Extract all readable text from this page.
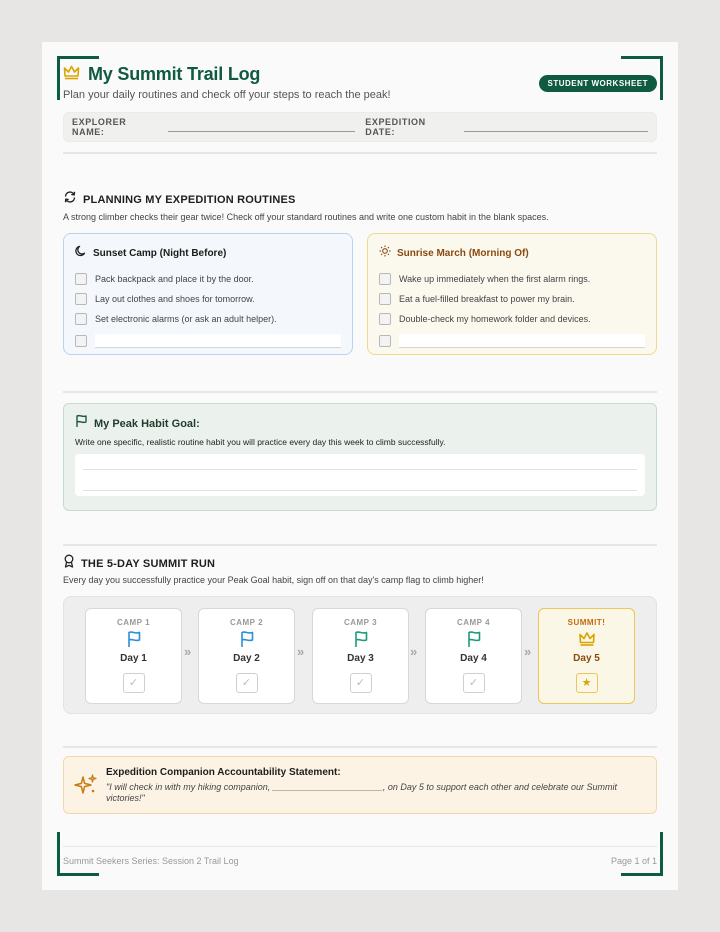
My Summit Trail Log
Plan your daily routines and check off your steps to reach the peak!
STUDENT WORKSHEET
EXPLORER NAME:
EXPEDITION DATE:
PLANNING MY EXPEDITION ROUTINES
A strong climber checks their gear twice! Check off your standard routines and write one custom habit in the blank spaces.
Sunset Camp (Night Before)
Pack backpack and place it by the door.
Lay out clothes and shoes for tomorrow.
Set electronic alarms (or ask an adult helper).
Sunrise March (Morning Of)
Wake up immediately when the first alarm rings.
Eat a fuel-filled breakfast to power my brain.
Double-check my homework folder and devices.
My Peak Habit Goal:
Write one specific, realistic routine habit you will practice every day this week to climb successfully.
THE 5-DAY SUMMIT RUN
Every day you successfully practice your Peak Goal habit, sign off on that day's camp flag to climb higher!
CAMP 1
Day 1
✓
»
CAMP 2
Day 2
✓
»
CAMP 3
Day 3
✓
»
CAMP 4
Day 4
✓
»
SUMMIT!
Day 5
★
Expedition Companion Accountability Statement:
"I will check in with my hiking companion, ______________________, on Day 5 to support each other and celebrate our Summit victories!"
Summit Seekers Series: Session 2 Trail Log	Page 1 of 1
